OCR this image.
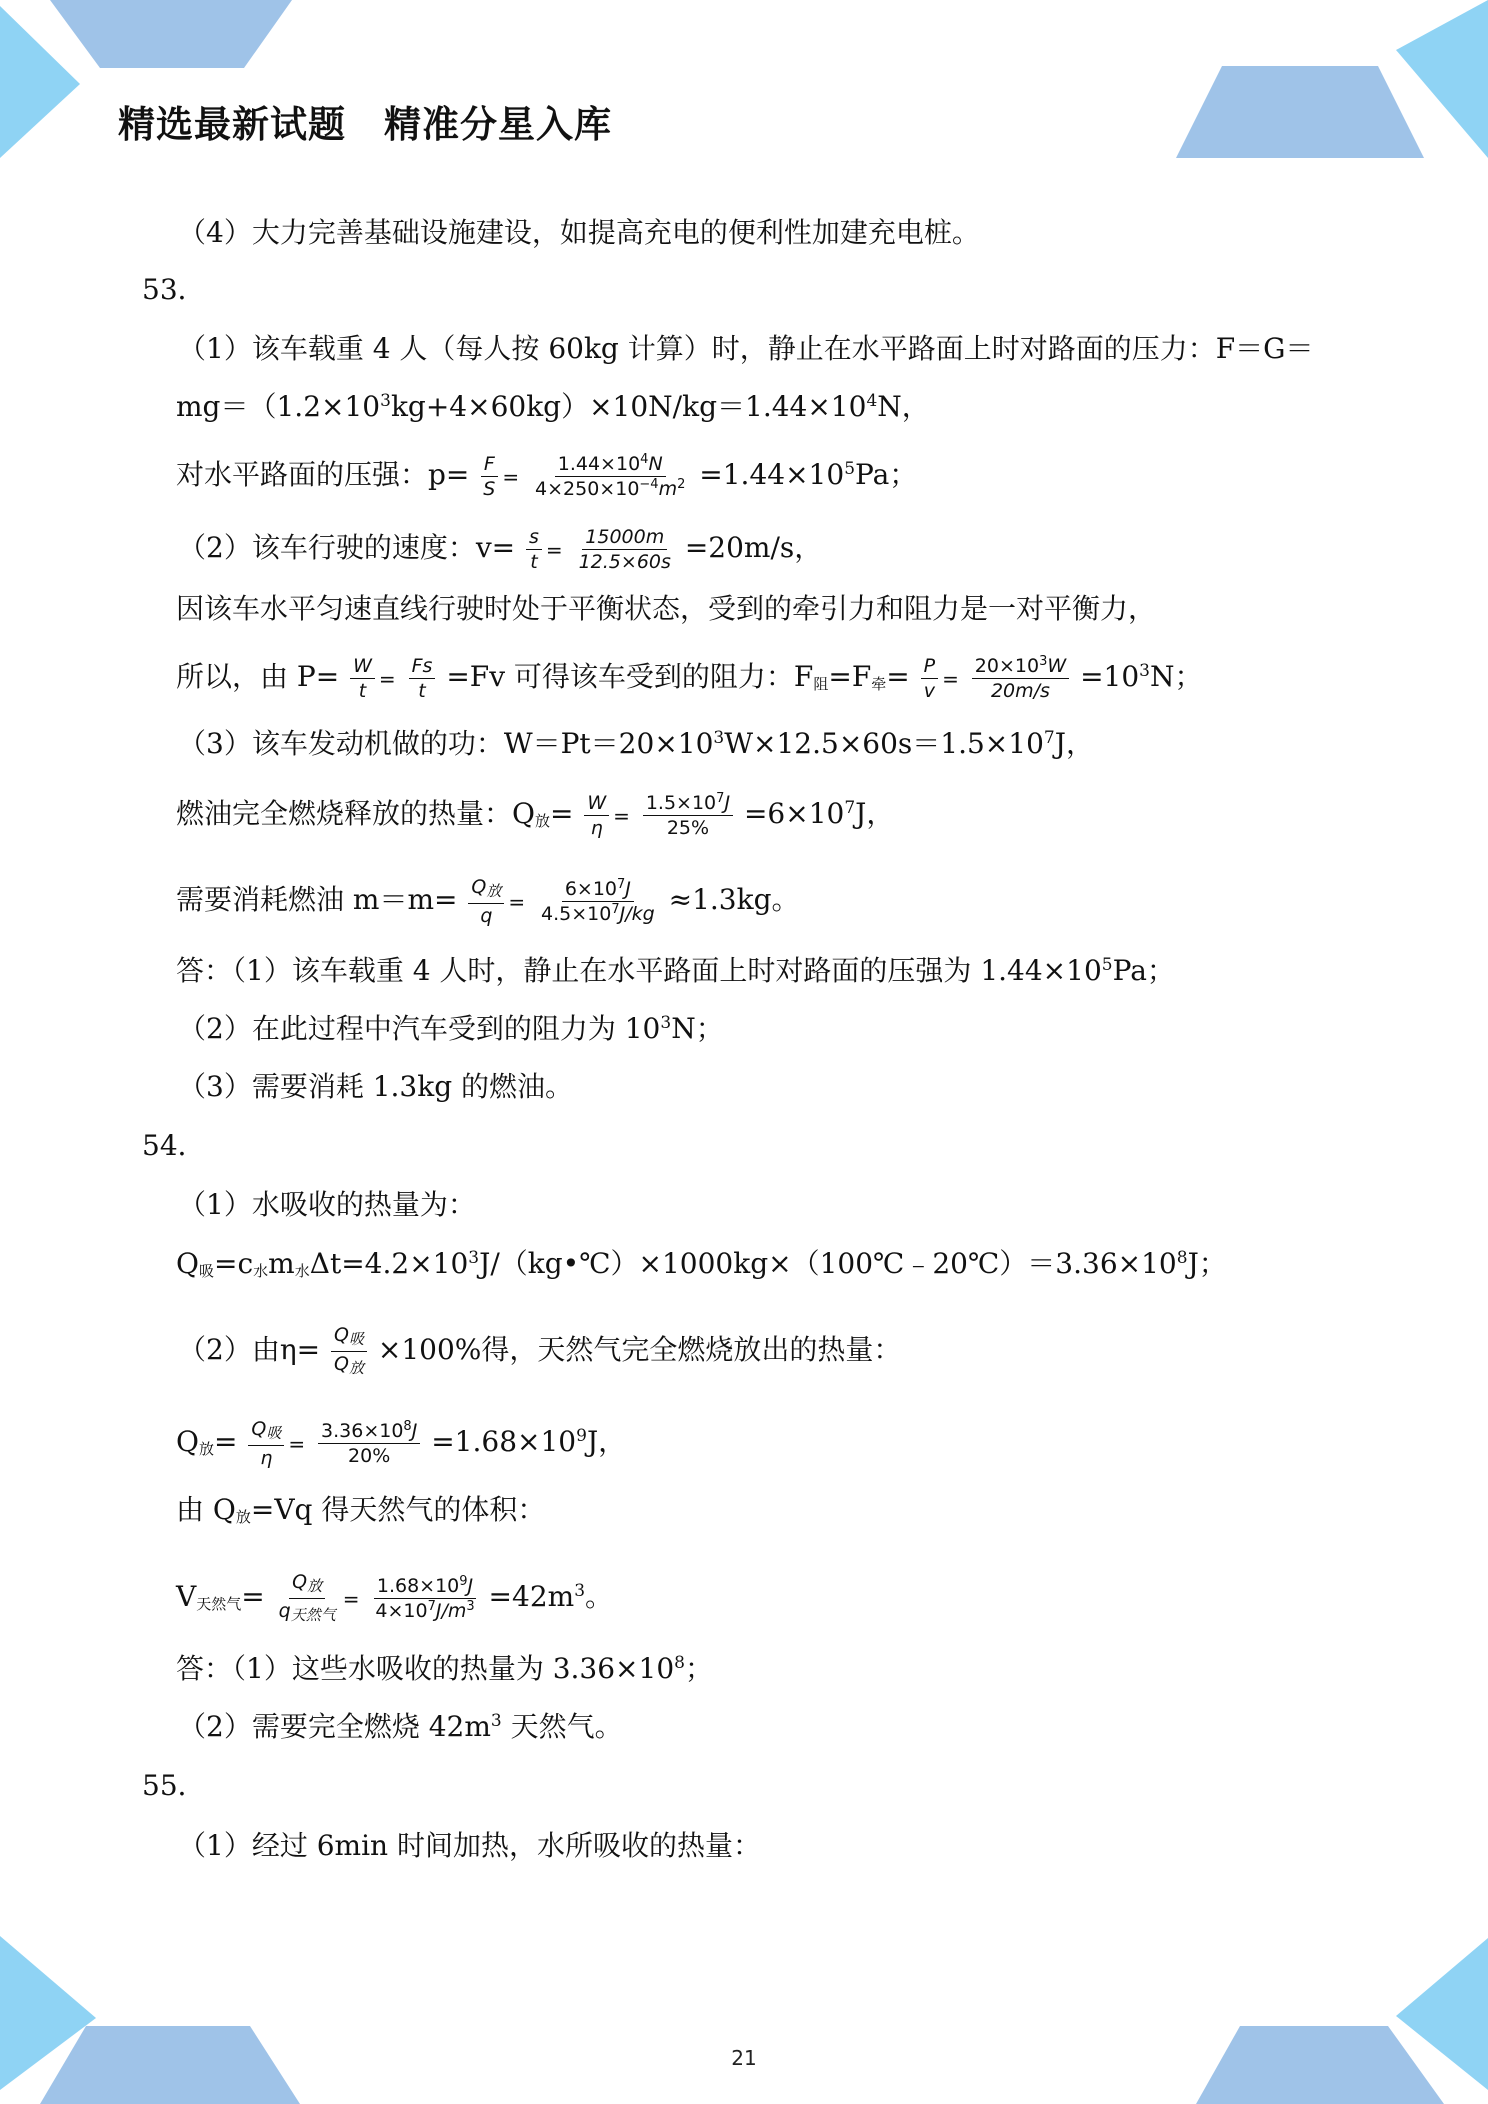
精选最新试题　精准分星入库
（4）大力完善基础设施建设，如提高充电的便利性加建充电桩。
53．
（1）该车载重 4 人（每人按 60kg 计算）时，静止在水平路面上时对路面的压力：F＝G＝
$mg=(1.2\times 10^3kg+4\times 60kg)\times 10N/kg=1.44\times 10^4N$，
对水平路面的压强：$p= \frac{F}{S} = \frac{1.44\times 10^4N}{4\times 250\times 10^{-4}m^2} =1.44\times 10^5Pa$；
（2）该车行驶的速度：$v= \frac{s}{t} = \frac{15000m}{12.5\times 60s} =20m/s$，
因该车水平匀速直线行驶时处于平衡状态，受到的牵引力和阻力是一对平衡力，
所以，由 $P= \frac{W}{t} = \frac{Fs}{t} =Fv$ 可得该车受到的阻力：$F_阻=F_牵= \frac{P}{v} = \frac{20\times 10^3W}{20m/s} =10^3N$；
（3）该车发动机做的功：$W=Pt=20\times 10^3W\times 12.5\times 60s=1.5\times 10^7J$，
燃油完全燃烧释放的热量：$Q_放= \frac{W}{\eta} = \frac{1.5\times 10^7J}{25\%} =6\times 10^7J$，
需要消耗燃油 $m=m= \frac{Q_放}{q} = \frac{6\times 10^7J}{4.5\times 10^7J/kg} \approx 1.3kg$。
答：（1）该车载重 4 人时，静止在水平路面上时对路面的压强为 $1.44\times 10^5Pa$；
（2）在此过程中汽车受到的阻力为 $10^3N$；
（3）需要消耗 1.3kg 的燃油。
54．
（1）水吸收的热量为：
$Q_吸=c_水m_水\Delta t=4.2\times 10^3J/(kg•℃)\times 1000kg\times(100℃﹣20℃)=3.36\times 10^8J$；
（2）由$\eta= \frac{Q_吸}{Q_放} \times 100\%$得，天然气完全燃烧放出的热量：
$Q_放= \frac{Q_吸}{\eta} = \frac{3.36\times 10^8J}{20\%} =1.68\times 10^9J$，
由 $Q_放=Vq$ 得天然气的体积：
$V_{天然气}= \frac{Q_放}{q_{天然气}} = \frac{1.68\times 10^9J}{4\times 10^7J/m^3} =42m^3$。
答：（1）这些水吸收的热量为 $3.36\times 10^8$；
（2）需要完全燃烧 $42m^3$ 天然气。
55．
（1）经过 6min 时间加热，水所吸收的热量：
21
